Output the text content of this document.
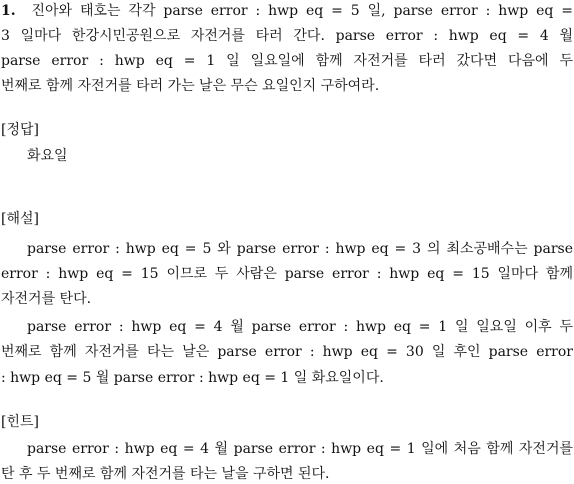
1. 진아와 태호는 각각 parse error : hwp eq = 5 일, parse error : hwp eq =
3 일마다 한강시민공원으로 자전거를 타러 간다. parse error : hwp eq = 4 월
parse error : hwp eq = 1 일 일요일에 함께 자전거를 타러 갔다면 다음에 두
번째로 함께 자전거를 타러 가는 날은 무슨 요일인지 구하여라.
[정답]
화요일
[해설]
parse error : hwp eq = 5 와 parse error : hwp eq = 3 의 최소공배수는 parse
error : hwp eq = 15 이므로 두 사람은 parse error : hwp eq = 15 일마다 함께
자전거를 탄다.
parse error : hwp eq = 4 월 parse error : hwp eq = 1 일 일요일 이후 두
번째로 함께 자전거를 타는 날은 parse error : hwp eq = 30 일 후인 parse error
: hwp eq = 5 월 parse error : hwp eq = 1 일 화요일이다.
[힌트]
parse error : hwp eq = 4 월 parse error : hwp eq = 1 일에 처음 함께 자전거를
탄 후 두 번째로 함께 자전거를 타는 날을 구하면 된다.
